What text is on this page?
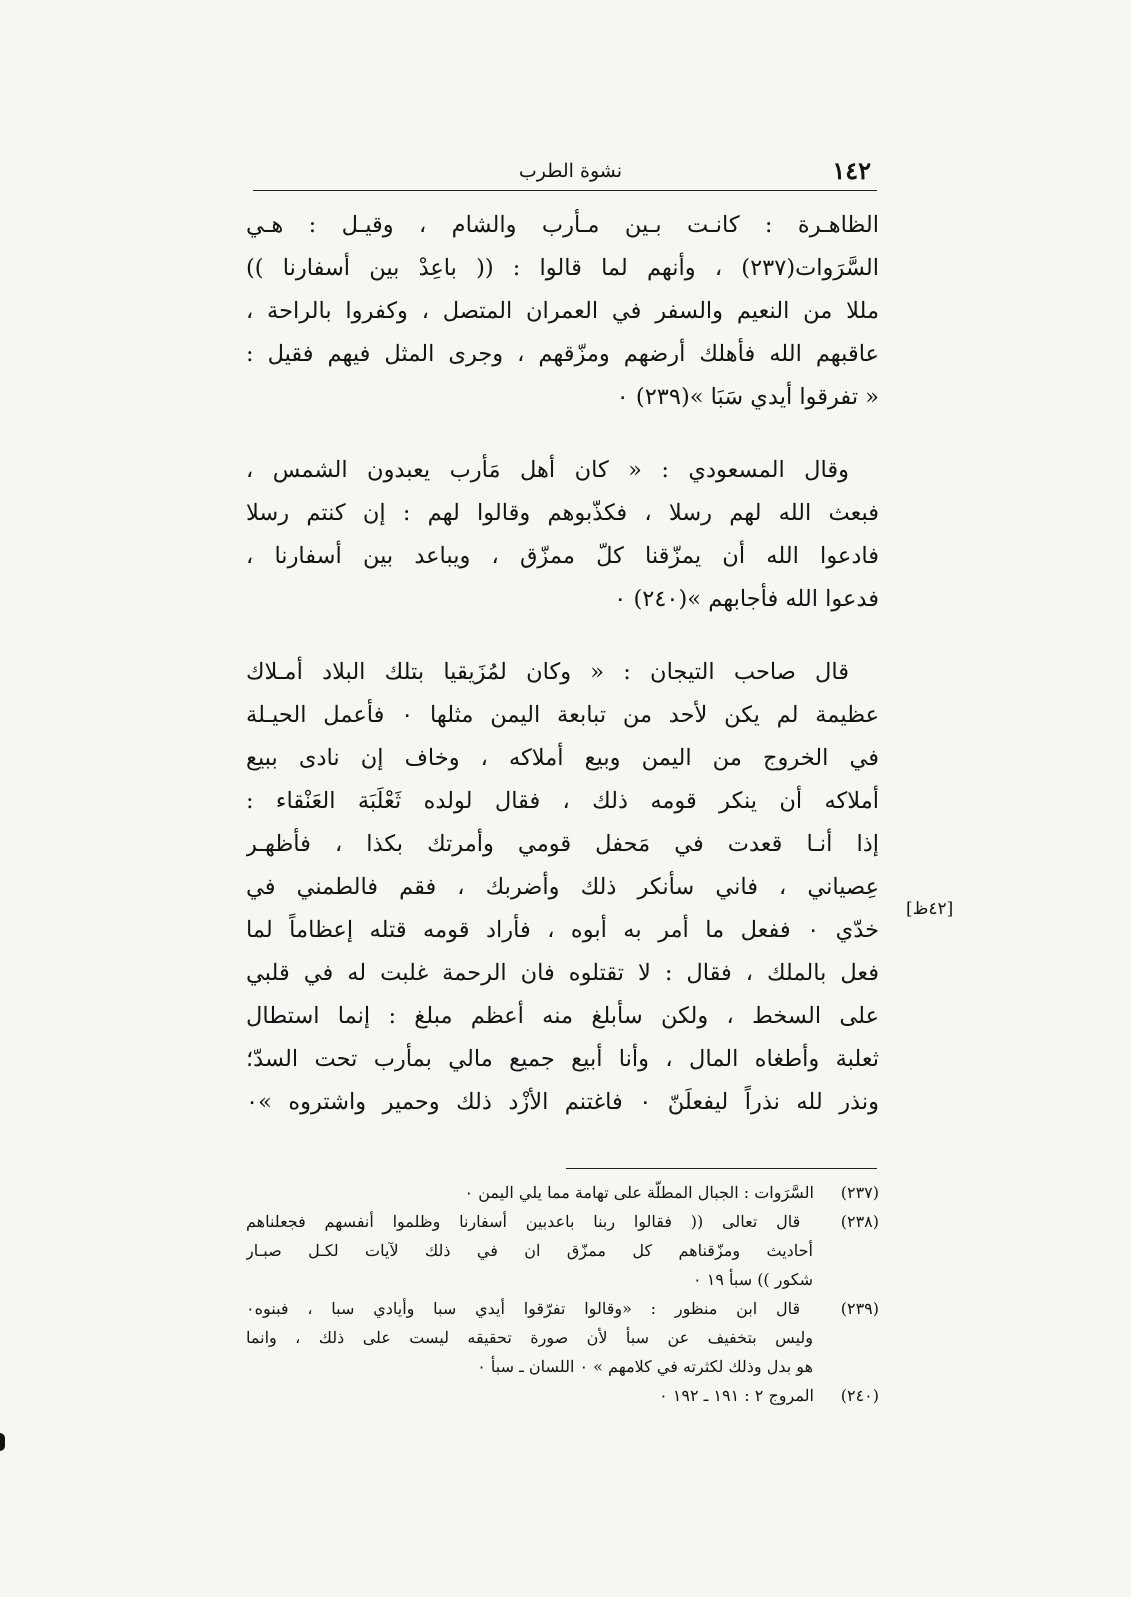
١٤٢
نشوة الطرب
الظاهـرة : كانـت بـين مـأرب والشام ، وقيـل : هـي
السَّرَوات(٢٣٧) ، وأنهم لما قالوا : (( باعِدْ بين أسفارنا ))
مللا من النعيم والسفر في العمران المتصل ، وكفروا بالراحة ،
عاقبهم الله فأهلك أرضهم ومزّقهم ، وجرى المثل فيهم فقيل :
« تفرقوا أيدي سَبَا »(٢٣٩) ٠
وقال المسعودي : « كان أهل مَأرب يعبدون الشمس ،
فبعث الله لهم رسلا ، فكذّبوهم وقالوا لهم : إن كنتم رسلا
فادعوا الله أن يمزّقنا كلّ ممزّق ، ويباعد بين أسفارنا ،
فدعوا الله فأجابهم »(٢٤٠) ٠
قال صاحب التيجان : « وكان لمُزَيقيا بتلك البلاد أمـلاك
عظيمة لم يكن لأحد من تبابعة اليمن مثلها ٠ فأعمل الحيـلة
في الخروج من اليمن وبيع أملاكه ، وخاف إن نادى ببيع
أملاكه أن ينكر قومه ذلك ، فقال لولده ثَعْلَبَة العَنْقاء :
إذا أنـا قعدت في مَحفل قومي وأمرتك بكذا ، فأظهـر
عِصياني ، فاني سأنكر ذلك وأضربك ، فقم فالطمني في
خدّي ٠ ففعل ما أمر به أبوه ، فأراد قومه قتله إعظاماً لما
فعل بالملك ، فقال : لا تقتلوه فان الرحمة غلبت له في قلبي
على السخط ، ولكن سأبلغ منه أعظم مبلغ : إنما استطال
ثعلبة وأطغاه المال ، وأنا أبيع جميع مالي بمأرب تحت السدّ؛
ونذر لله نذراً ليفعلَنّ ٠ فاغتنم الأزْد ذلك وحمير واشتروه »٠
[٤٢ظ]
(٢٣٧) السَّرَوات : الجبال المطلّة على تهامة مما يلي اليمن ٠
(٢٣٨) قال تعالى (( فقالوا ربنا باعدبين أسفارنا وظلموا أنفسهم فجعلناهم
أحاديث ومزّقناهم كل ممزّق ان في ذلك لآيات لكـل صبـار
شكور )) سبأ ١٩ ٠
(٢٣٩) قال ابن منظور : «وقالوا تفرّقوا أيدي سبا وأيادي سبا ، فبنوه٠
وليس بتخفيف عن سبأ لأن صورة تحقيقه ليست على ذلك ، وانما
هو بدل وذلك لكثرته في كلامهم » ٠ اللسان ـ سبأ ٠
(٢٤٠) المروج ٢ : ١٩١ ـ ١٩٢ ٠
